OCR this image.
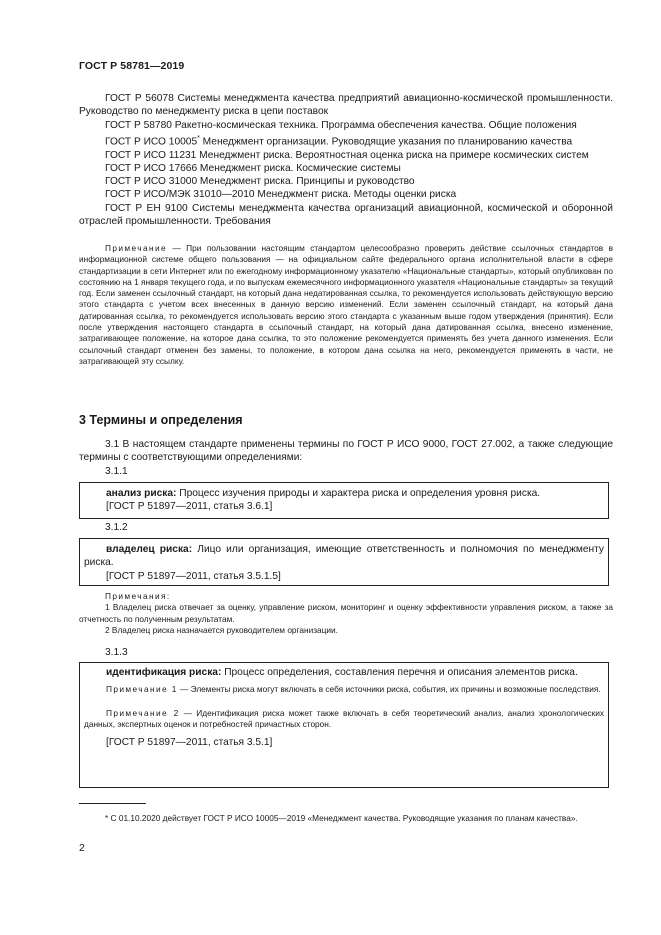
ГОСТ Р 58781—2019

ГОСТ Р 56078 Системы менеджмента качества предприятий авиационно-космической промышленности. Руководство по менеджменту риска в цепи поставок

ГОСТ Р 58780 Ракетно-космическая техника. Программа обеспечения качества. Общие положения

ГОСТ Р ИСО 10005* Менеджмент организации. Руководящие указания по планированию качества

ГОСТ Р ИСО 11231 Менеджмент риска. Вероятностная оценка риска на примере космических систем

ГОСТ Р ИСО 17666 Менеджмент риска. Космические системы

ГОСТ Р ИСО 31000 Менеджмент риска. Принципы и руководство

ГОСТ Р ИСО/МЭК 31010—2010 Менеджмент риска. Методы оценки риска

ГОСТ Р ЕН 9100 Системы менеджмента качества организаций авиационной, космической и оборонной отраслей промышленности. Требования

Примечание — При пользовании настоящим стандартом целесообразно проверить действие ссылочных стандартов в информационной системе общего пользования — на официальном сайте федерального органа исполнительной власти в сфере стандартизации в сети Интернет или по ежегодному информационному указателю «Национальные стандарты», который опубликован по состоянию на 1 января текущего года, и по выпускам ежемесячного информационного указателя «Национальные стандарты» за текущий год. Если заменен ссылочный стандарт, на который дана недатированная ссылка, то рекомендуется использовать действующую версию этого стандарта с учетом всех внесенных в данную версию изменений. Если заменен ссылочный стандарт, на который дана датированная ссылка, то рекомендуется использовать версию этого стандарта с указанным выше годом утверждения (принятия). Если после утверждения настоящего стандарта в ссылочный стандарт, на который дана датированная ссылка, внесено изменение, затрагивающее положение, на которое дана ссылка, то это положение рекомендуется применять без учета данного изменения. Если ссылочный стандарт отменен без замены, то положение, в котором дана ссылка на него, рекомендуется применять в части, не затрагивающей эту ссылку.

3 Термины и определения

3.1 В настоящем стандарте применены термины по ГОСТ Р ИСО 9000, ГОСТ 27.002, а также следующие термины с соответствующими определениями:

3.1.1

анализ риска: Процесс изучения природы и характера риска и определения уровня риска.

[ГОСТ Р 51897—2011, статья 3.6.1]

3.1.2

владелец риска: Лицо или организация, имеющие ответственность и полномочия по менеджменту риска.

[ГОСТ Р 51897—2011, статья 3.5.1.5]

Примечания:

1 Владелец риска отвечает за оценку, управление риском, мониторинг и оценку эффективности управления риском, а также за отчетность по полученным результатам.

2 Владелец риска назначается руководителем организации.

3.1.3

идентификация риска: Процесс определения, составления перечня и описания элементов риска.

Примечание 1 — Элементы риска могут включать в себя источники риска, события, их причины и возможные последствия.

Примечание 2 — Идентификация риска может также включать в себя теоретический анализ, анализ хронологических данных, экспертных оценок и потребностей причастных сторон.

[ГОСТ Р 51897—2011, статья 3.5.1]

* С 01.10.2020 действует ГОСТ Р ИСО 10005—2019 «Менеджмент качества. Руководящие указания по планам качества».

2
